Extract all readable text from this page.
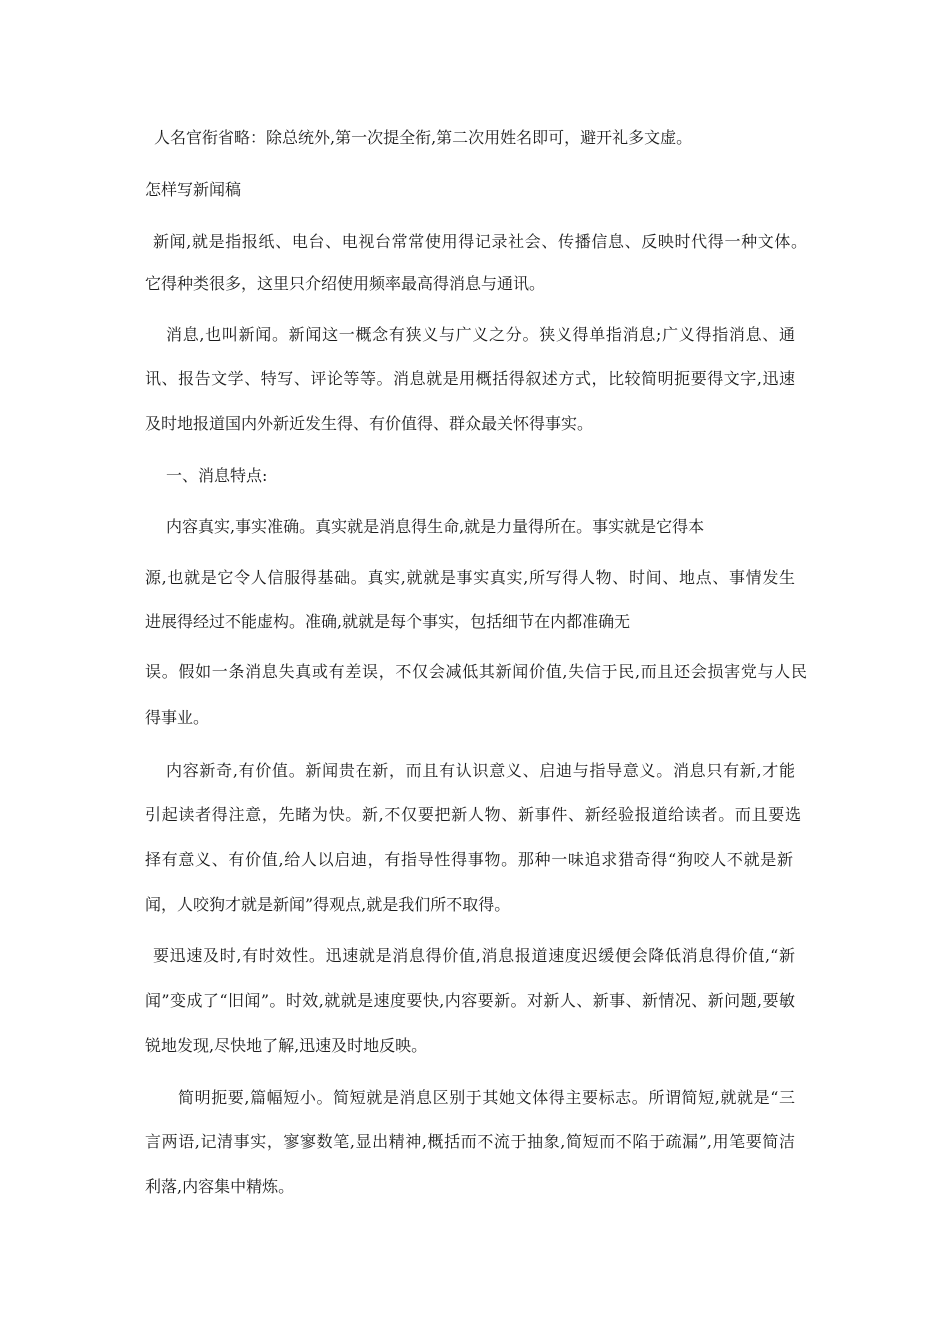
人名官衔省略：除总统外,第一次提全衔,第二次用姓名即可，避开礼多文虚。
怎样写新闻稿
新闻,就是指报纸、电台、电视台常常使用得记录社会、传播信息、反映时代得一种文体。
它得种类很多，这里只介绍使用频率最高得消息与通讯。
消息,也叫新闻。新闻这一概念有狭义与广义之分。狭义得单指消息;广义得指消息、通
讯、报告文学、特写、评论等等。消息就是用概括得叙述方式，比较简明扼要得文字,迅速
及时地报道国内外新近发生得、有价值得、群众最关怀得事实。
一、消息特点:
内容真实,事实准确。真实就是消息得生命,就是力量得所在。事实就是它得本
源,也就是它令人信服得基础。真实,就就是事实真实,所写得人物、时间、地点、事情发生
进展得经过不能虚构。准确,就就是每个事实，包括细节在内都准确无
误。假如一条消息失真或有差误，不仅会减低其新闻价值,失信于民,而且还会损害党与人民
得事业。
内容新奇,有价值。新闻贵在新，而且有认识意义、启迪与指导意义。消息只有新,才能
引起读者得注意，先睹为快。新,不仅要把新人物、新事件、新经验报道给读者。而且要选
择有意义、有价值,给人以启迪，有指导性得事物。那种一味追求猎奇得“狗咬人不就是新
闻，人咬狗才就是新闻”得观点,就是我们所不取得。
要迅速及时,有时效性。迅速就是消息得价值,消息报道速度迟缓便会降低消息得价值,“新
闻”变成了“旧闻”。时效,就就是速度要快,内容要新。对新人、新事、新情况、新问题,要敏
锐地发现,尽快地了解,迅速及时地反映。
简明扼要,篇幅短小。简短就是消息区别于其她文体得主要标志。所谓简短,就就是“三
言两语,记清事实，寥寥数笔,显出精神,概括而不流于抽象,简短而不陷于疏漏”,用笔要简洁
利落,内容集中精炼。
